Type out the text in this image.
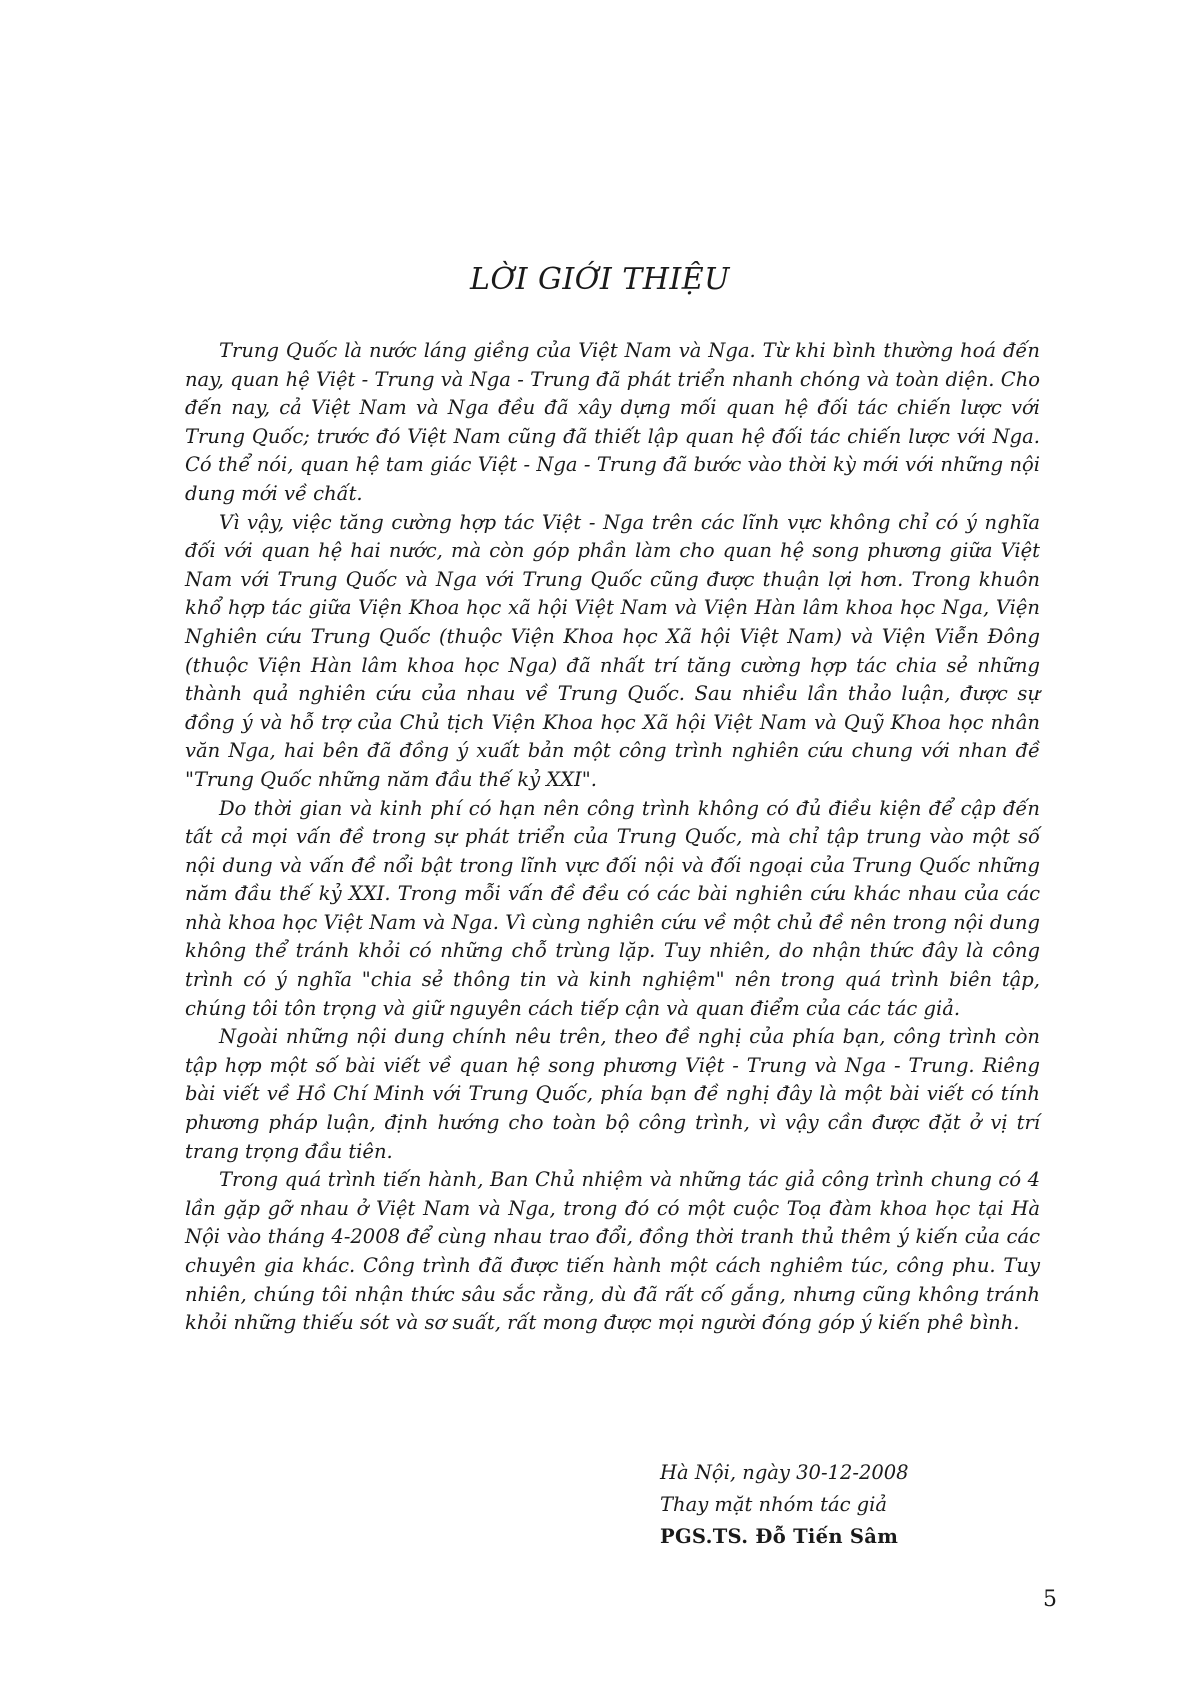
LỜI GIỚI THIỆU

Trung Quốc là nước láng giềng của Việt Nam và Nga. Từ khi bình thường hoá đến nay, quan hệ Việt - Trung và Nga - Trung đã phát triển nhanh chóng và toàn diện. Cho đến nay, cả Việt Nam và Nga đều đã xây dựng mối quan hệ đối tác chiến lược với Trung Quốc; trước đó Việt Nam cũng đã thiết lập quan hệ đối tác chiến lược với Nga. Có thể nói, quan hệ tam giác Việt - Nga - Trung đã bước vào thời kỳ mới với những nội dung mới về chất.

Vì vậy, việc tăng cường hợp tác Việt - Nga trên các lĩnh vực không chỉ có ý nghĩa đối với quan hệ hai nước, mà còn góp phần làm cho quan hệ song phương giữa Việt Nam với Trung Quốc và Nga với Trung Quốc cũng được thuận lợi hơn. Trong khuôn khổ hợp tác giữa Viện Khoa học xã hội Việt Nam và Viện Hàn lâm khoa học Nga, Viện Nghiên cứu Trung Quốc (thuộc Viện Khoa học Xã hội Việt Nam) và Viện Viễn Đông (thuộc Viện Hàn lâm khoa học Nga) đã nhất trí tăng cường hợp tác chia sẻ những thành quả nghiên cứu của nhau về Trung Quốc. Sau nhiều lần thảo luận, được sự đồng ý và hỗ trợ của Chủ tịch Viện Khoa học Xã hội Việt Nam và Quỹ Khoa học nhân văn Nga, hai bên đã đồng ý xuất bản một công trình nghiên cứu chung với nhan đề "Trung Quốc những năm đầu thế kỷ XXI".

Do thời gian và kinh phí có hạn nên công trình không có đủ điều kiện để cập đến tất cả mọi vấn đề trong sự phát triển của Trung Quốc, mà chỉ tập trung vào một số nội dung và vấn đề nổi bật trong lĩnh vực đối nội và đối ngoại của Trung Quốc những năm đầu thế kỷ XXI. Trong mỗi vấn đề đều có các bài nghiên cứu khác nhau của các nhà khoa học Việt Nam và Nga. Vì cùng nghiên cứu về một chủ đề nên trong nội dung không thể tránh khỏi có những chỗ trùng lặp. Tuy nhiên, do nhận thức đây là công trình có ý nghĩa "chia sẻ thông tin và kinh nghiệm" nên trong quá trình biên tập, chúng tôi tôn trọng và giữ nguyên cách tiếp cận và quan điểm của các tác giả.

Ngoài những nội dung chính nêu trên, theo đề nghị của phía bạn, công trình còn tập hợp một số bài viết về quan hệ song phương Việt - Trung và Nga - Trung. Riêng bài viết về Hồ Chí Minh với Trung Quốc, phía bạn đề nghị đây là một bài viết có tính phương pháp luận, định hướng cho toàn bộ công trình, vì vậy cần được đặt ở vị trí trang trọng đầu tiên.

Trong quá trình tiến hành, Ban Chủ nhiệm và những tác giả công trình chung có 4 lần gặp gỡ nhau ở Việt Nam và Nga, trong đó có một cuộc Toạ đàm khoa học tại Hà Nội vào tháng 4-2008 để cùng nhau trao đổi, đồng thời tranh thủ thêm ý kiến của các chuyên gia khác. Công trình đã được tiến hành một cách nghiêm túc, công phu. Tuy nhiên, chúng tôi nhận thức sâu sắc rằng, dù đã rất cố gắng, nhưng cũng không tránh khỏi những thiếu sót và sơ suất, rất mong được mọi người đóng góp ý kiến phê bình.

Hà Nội, ngày 30-12-2008
Thay mặt nhóm tác giả
PGS.TS. Đỗ Tiến Sâm
5
